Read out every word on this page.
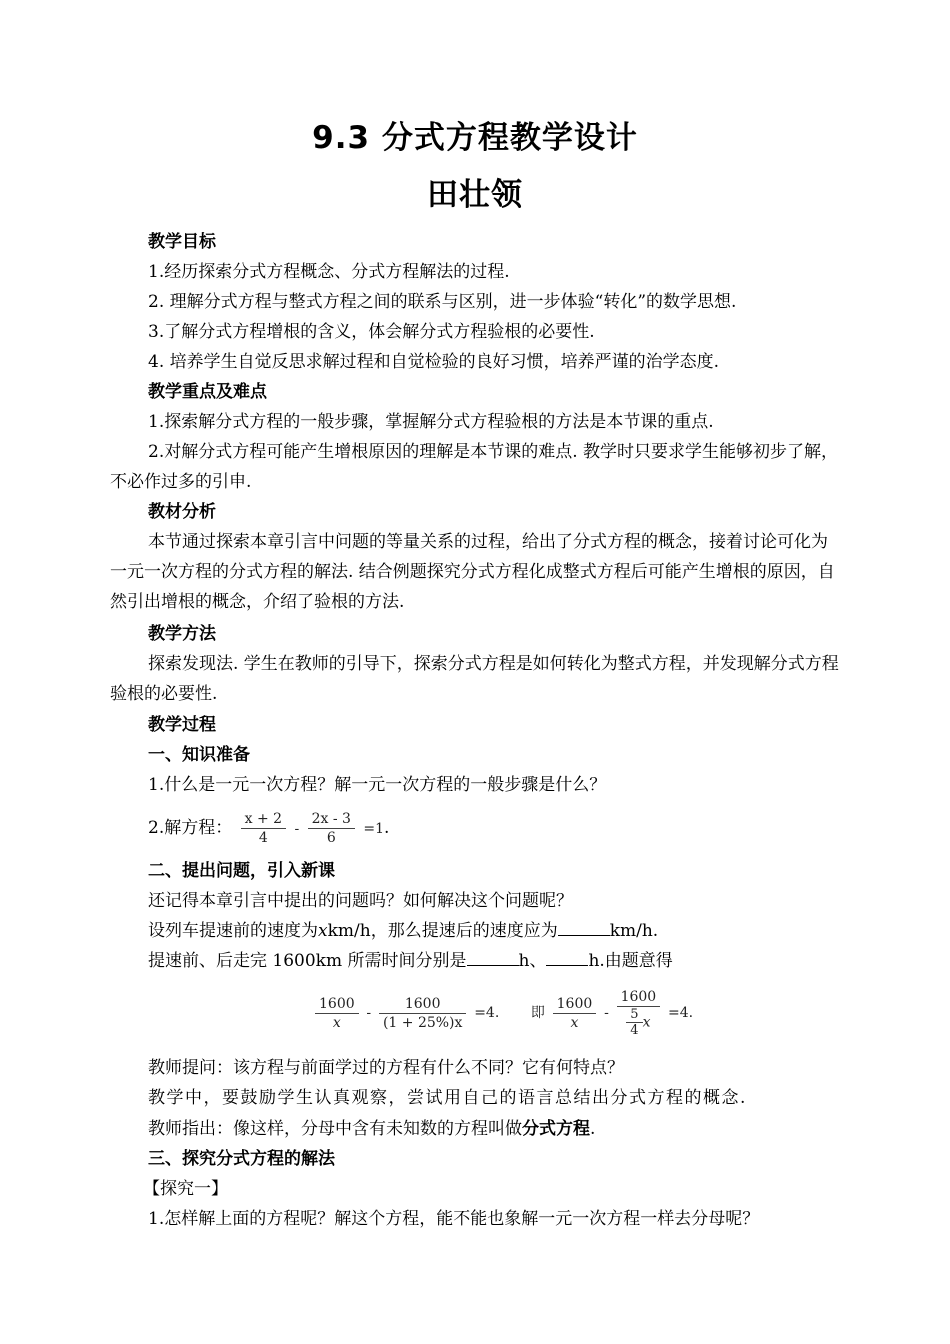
9.3 分式方程教学设计
田壮领
教学目标
1.经历探索分式方程概念、分式方程解法的过程.
2. 理解分式方程与整式方程之间的联系与区别，进一步体验“转化”的数学思想.
3.了解分式方程增根的含义，体会解分式方程验根的必要性.
4. 培养学生自觉反思求解过程和自觉检验的良好习惯，培养严谨的治学态度.
教学重点及难点
1.探索解分式方程的一般步骤，掌握解分式方程验根的方法是本节课的重点.
2.对解分式方程可能产生增根原因的理解是本节课的难点. 教学时只要求学生能够初步了解，不必作过多的引申.
教材分析
本节通过探索本章引言中问题的等量关系的过程，给出了分式方程的概念，接着讨论可化为一元一次方程的分式方程的解法. 结合例题探究分式方程化成整式方程后可能产生增根的原因，自然引出增根的概念，介绍了验根的方法.
教学方法
探索发现法. 学生在教师的引导下，探索分式方程是如何转化为整式方程，并发现解分式方程验根的必要性.
教学过程
一、知识准备
1.什么是一元一次方程？解一元一次方程的一般步骤是什么？
2.解方程： $\frac{x + 2}{4} - \frac{2x - 3}{6} =1$.
二、提出问题，引入新课
还记得本章引言中提出的问题吗？如何解决这个问题呢？
设列车提速前的速度为xkm/h，那么提速后的速度应为	km/h.
提速前、后走完 1600km 所需时间分别是	h、 h.由题意得
$\frac{1600}{x} - \frac{1600}{(1 + 25\%)x} =4$. 即 $\frac{1600}{x} - \frac{1600}{\frac{5}{4} x} =4$.
教师提问：该方程与前面学过的方程有什么不同？它有何特点？
教学中，要鼓励学生认真观察，尝试用自己的语言总结出分式方程的概念.
教师指出：像这样，分母中含有未知数的方程叫做分式方程.
三、探究分式方程的解法
【探究一】
1.怎样解上面的方程呢？解这个方程，能不能也象解一元一次方程一样去分母呢？
